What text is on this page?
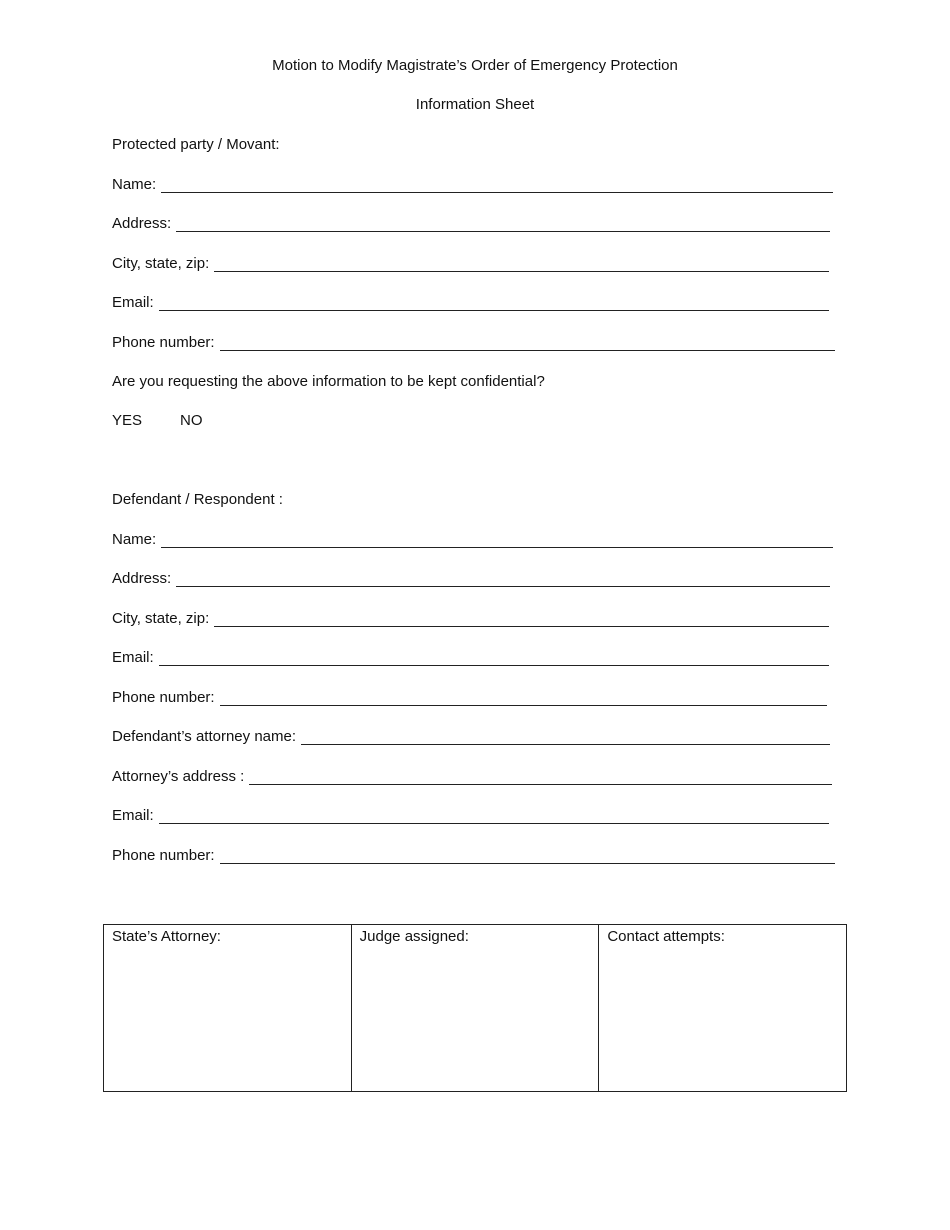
Motion to Modify Magistrate’s Order of Emergency Protection
Information Sheet
Protected party / Movant:
Name:
Address:
City, state, zip:
Email:
Phone number:
Are you requesting the above information to be kept confidential?
YES	NO
Defendant / Respondent :
Name:
Address:
City, state, zip:
Email:
Phone number:
Defendant’s attorney name:
Attorney’s address :
Email:
Phone number:
State’s Attorney:	Judge assigned:	Contact attempts:
